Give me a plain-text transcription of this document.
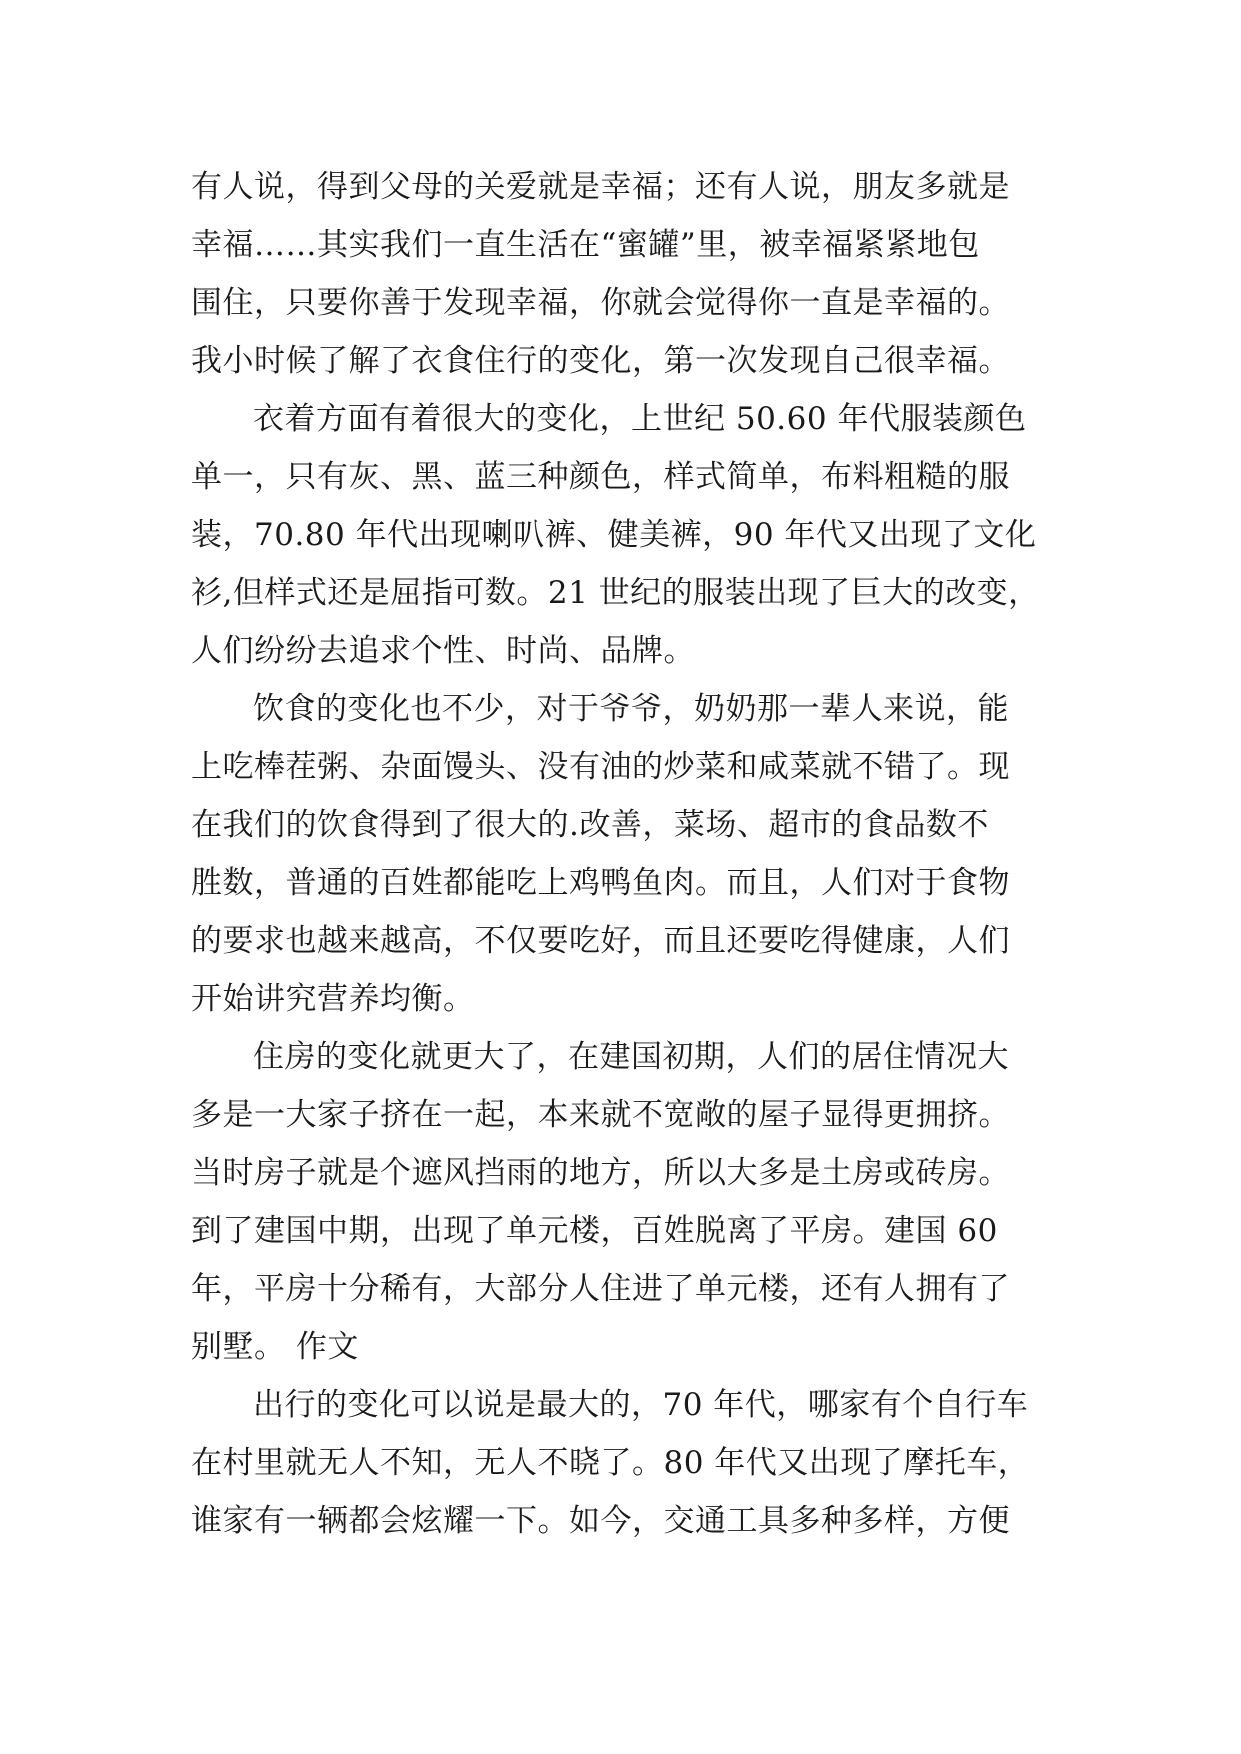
有人说，得到父母的关爱就是幸福；还有人说，朋友多就是
幸福……其实我们一直生活在“蜜罐”里，被幸福紧紧地包
围住，只要你善于发现幸福，你就会觉得你一直是幸福的。
我小时候了解了衣食住行的变化，第一次发现自己很幸福。
衣着方面有着很大的变化，上世纪 50.60 年代服装颜色
单一，只有灰、黑、蓝三种颜色，样式简单，布料粗糙的服
装，70.80 年代出现喇叭裤、健美裤，90 年代又出现了文化
衫,但样式还是屈指可数。21 世纪的服装出现了巨大的改变，
人们纷纷去追求个性、时尚、品牌。
饮食的变化也不少，对于爷爷，奶奶那一辈人来说，能
上吃棒茬粥、杂面馒头、没有油的炒菜和咸菜就不错了。现
在我们的饮食得到了很大的.改善，菜场、超市的食品数不
胜数，普通的百姓都能吃上鸡鸭鱼肉。而且，人们对于食物
的要求也越来越高，不仅要吃好，而且还要吃得健康，人们
开始讲究营养均衡。
住房的变化就更大了，在建国初期，人们的居住情况大
多是一大家子挤在一起，本来就不宽敞的屋子显得更拥挤。
当时房子就是个遮风挡雨的地方，所以大多是土房或砖房。
到了建国中期，出现了单元楼，百姓脱离了平房。建国 60
年，平房十分稀有，大部分人住进了单元楼，还有人拥有了
别墅。 作文
出行的变化可以说是最大的，70 年代，哪家有个自行车
在村里就无人不知，无人不晓了。80 年代又出现了摩托车，
谁家有一辆都会炫耀一下。如今，交通工具多种多样，方便
